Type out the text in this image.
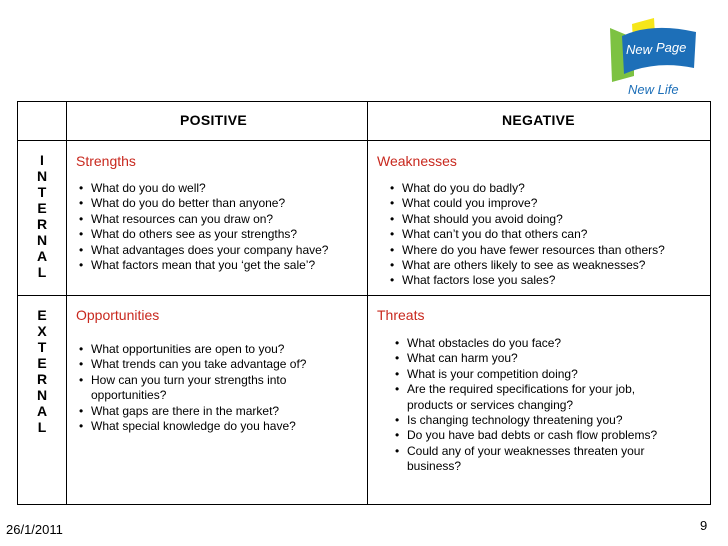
New Page
New Life
POSITIVE	NEGATIVE
INTERNAL
EXTERNAL
Strengths
• What do you do well?
• What do you do better than anyone?
• What resources can you draw on?
• What do others see as your strengths?
• What advantages does your company have?
• What factors mean that you ‘get the sale’?
Weaknesses
• What do you do badly?
• What could you improve?
• What should you avoid doing?
• What can’t you do that others can?
• Where do you have fewer resources than others?
• What are others likely to see as weaknesses?
• What factors lose you sales?
Opportunities
• What opportunities are open to you?
• What trends can you take advantage of?
• How can you turn your strengths into opportunities?
• What gaps are there in the market?
• What special knowledge do you have?
Threats
• What obstacles do you face?
• What can harm you?
• What is your competition doing?
• Are the required specifications for your job, products or services changing?
• Is changing technology threatening you?
• Do you have bad debts or cash flow problems?
• Could any of your weaknesses threaten your business?
26/1/2011	9
